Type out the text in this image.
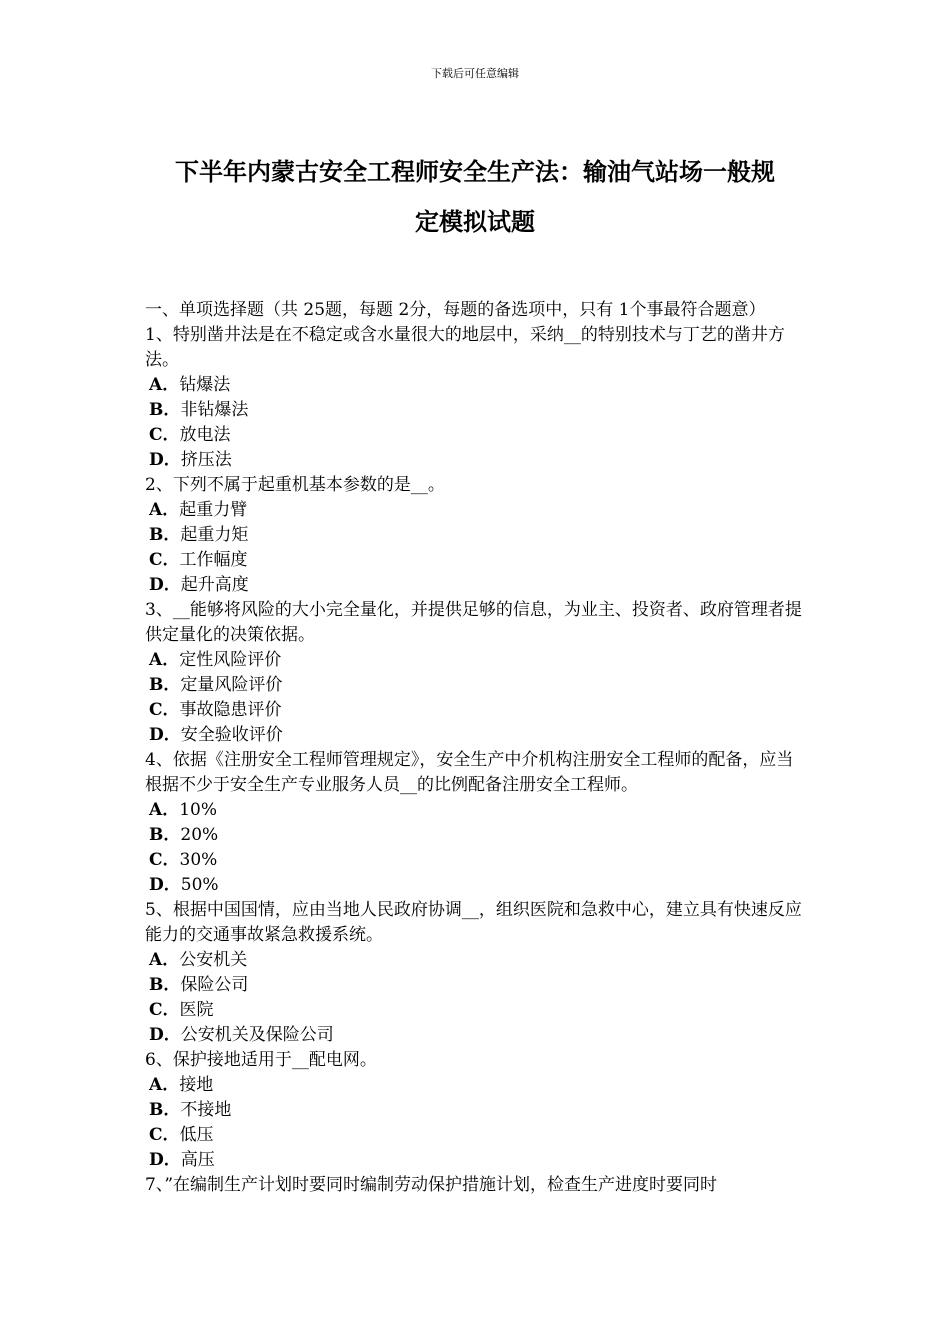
下载后可任意编辑
下半年内蒙古安全工程师安全生产法：输油气站场一般规
定模拟试题

一、单项选择题（共 25题，每题 2分，每题的备选项中，只有 1个事最符合题意）

1、特别凿井法是在不稳定或含水量很大的地层中，采纳__的特别技术与丁艺的凿井方法。

A．钻爆法

B．非钻爆法

C．放电法

D．挤压法

2、下列不属于起重机基本参数的是__。

A．起重力臂

B．起重力矩

C．工作幅度

D．起升高度

3、__能够将风险的大小完全量化，并提供足够的信息，为业主、投资者、政府管理者提供定量化的决策依据。

A．定性风险评价

B．定量风险评价

C．事故隐患评价

D．安全验收评价

4、依据《注册安全工程师管理规定》，安全生产中介机构注册安全工程师的配备，应当根据不少于安全生产专业服务人员__的比例配备注册安全工程师。

A．10%

B．20%

C．30%

D．50%

5、根据中国国情，应由当地人民政府协调__，组织医院和急救中心，建立具有快速反应能力的交通事故紧急救援系统。

A．公安机关

B．保险公司

C．医院

D．公安机关及保险公司

6、保护接地适用于__配电网。

A．接地

B．不接地

C．低压

D．高压

7、”在编制生产计划时要同时编制劳动保护措施计划，检查生产进度时要同时
